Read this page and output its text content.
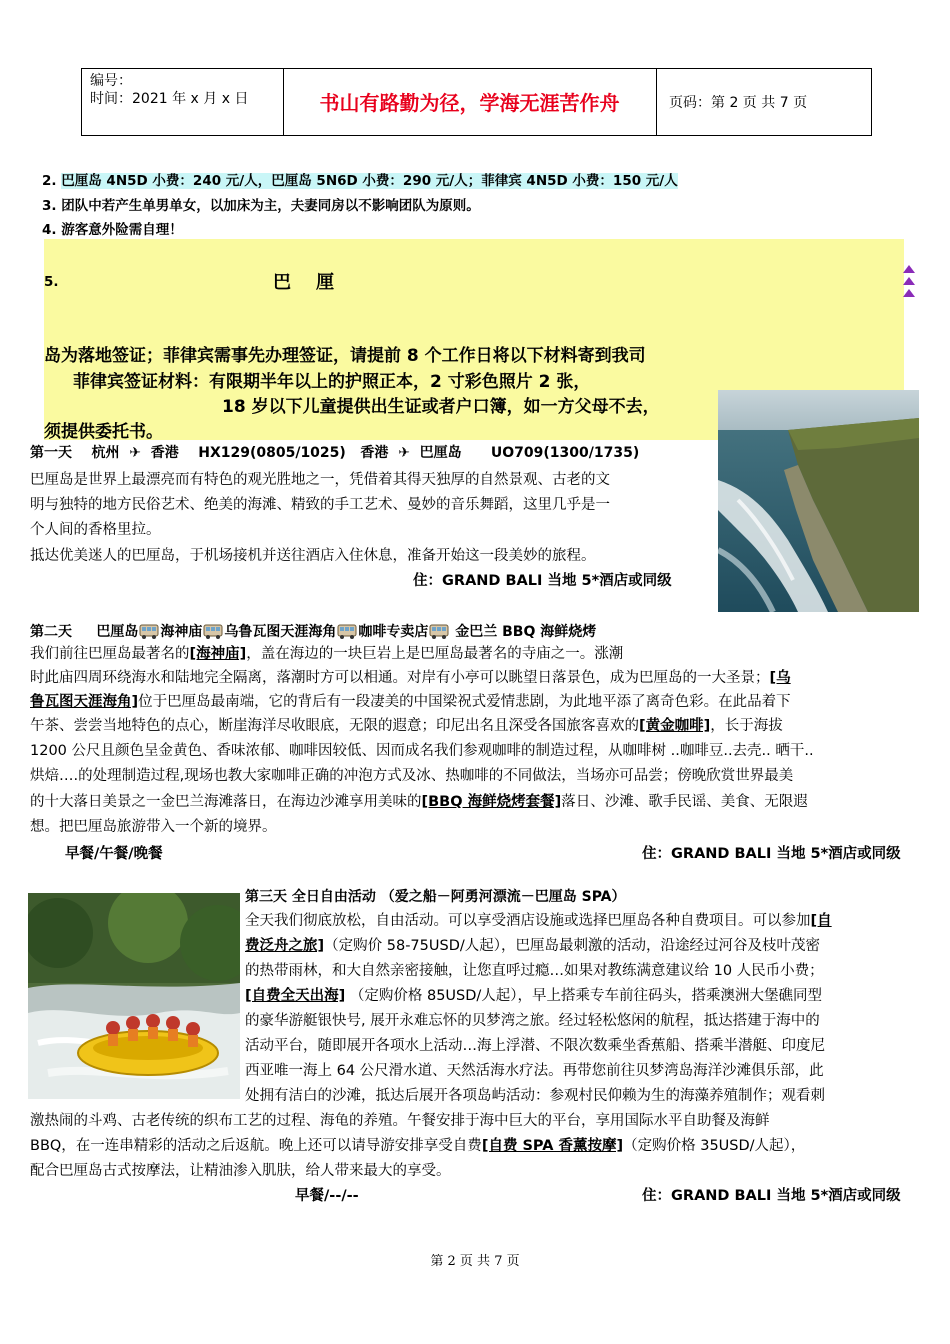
编号：
时间：2021 年 x 月 x 日	书山有路勤为径，学海无涯苦作舟	页码：第 2 页 共 7 页
2. 巴厘岛 4N5D 小费：240 元/人，巴厘岛 5N6D 小费：290 元/人；菲律宾 4N5D 小费：150 元/人
3. 团队中若产生单男单女，以加床为主，夫妻同房以不影响团队为原则。
4. 游客意外险需自理！
5.	巴    厘
岛为落地签证；菲律宾需事先办理签证，请提前 8 个工作日将以下材料寄到我司
菲律宾签证材料：有限期半年以上的护照正本，2 寸彩色照片 2 张，
18 岁以下儿童提供出生证或者户口簿，如一方父母不去，
须提供委托书。
第一天    杭州  ✈  香港    HX129(0805/1025)   香港  ✈  巴厘岛      UO709(1300/1735)
巴厘岛是世界上最漂亮而有特色的观光胜地之一，凭借着其得天独厚的自然景观、古老的文
明与独特的地方民俗艺术、绝美的海滩、精致的手工艺术、曼妙的音乐舞蹈，这里几乎是一
个人间的香格里拉。
抵达优美迷人的巴厘岛，于机场接机并送往酒店入住休息，准备开始这一段美妙的旅程。
住：GRAND BALI 当地 5*酒店或同级
第二天     巴厘岛 海神庙 乌鲁瓦图天涯海角 咖啡专卖店 金巴兰 BBQ 海鲜烧烤
我们前往巴厘岛最著名的[海神庙]，盖在海边的一块巨岩上是巴厘岛最著名的寺庙之一。涨潮
时此庙四周环绕海水和陆地完全隔离，落潮时方可以相通。对岸有小亭可以眺望日落景色，成为巴厘岛的一大圣景；[乌
鲁瓦图天涯海角]位于巴厘岛最南端，它的背后有一段凄美的中国梁祝式爱情悲剧，为此地平添了离奇色彩。在此品着下
午茶、尝尝当地特色的点心，断崖海洋尽收眼底，无限的遐意；印尼出名且深受各国旅客喜欢的[黄金咖啡]，长于海拔
1200 公尺且颜色呈金黄色、香味浓郁、咖啡因较低、因而成名我们参观咖啡的制造过程，从咖啡树 ..咖啡豆..去壳.. 晒干..
烘焙….的处理制造过程,现场也教大家咖啡正确的冲泡方式及冰、热咖啡的不同做法，当场亦可品尝；傍晚欣赏世界最美
的十大落日美景之一金巴兰海滩落日，在海边沙滩享用美味的[BBQ 海鲜烧烤套餐]落日、沙滩、歌手民谣、美食、无限遐
想。把巴厘岛旅游带入一个新的境界。
早餐/午餐/晚餐	住：GRAND BALI 当地 5*酒店或同级
第三天 全日自由活动 （爱之船－阿勇河漂流－巴厘岛 SPA）
全天我们彻底放松，自由活动。可以享受酒店设施或选择巴厘岛各种自费项目。可以参加[自
费泛舟之旅]（定购价 58-75USD/人起），巴厘岛最刺激的活动，沿途经过河谷及枝叶茂密
的热带雨林，和大自然亲密接触，让您直呼过瘾…如果对教练满意建议给 10 人民币小费；
[自费全天出海] （定购价格 85USD/人起），早上搭乘专车前往码头，搭乘澳洲大堡礁同型
的豪华游艇银快号, 展开永难忘怀的贝梦湾之旅。经过轻松悠闲的航程，抵达搭建于海中的
活动平台，随即展开各项水上活动…海上浮潜、不限次数乘坐香蕉船、搭乘半潜艇、印度尼
西亚唯一海上 64 公尺滑水道、天然活海水疗法。再带您前往贝梦湾岛海洋沙滩俱乐部，此
处拥有洁白的沙滩，抵达后展开各项岛屿活动：参观村民仰赖为生的海藻养殖制作；观看刺
激热闹的斗鸡、古老传统的织布工艺的过程、海龟的养殖。午餐安排于海中巨大的平台，享用国际水平自助餐及海鲜
BBQ，在一连串精彩的活动之后返航。晚上还可以请导游安排享受自费[自费 SPA 香薰按摩]（定购价格 35USD/人起），
配合巴厘岛古式按摩法，让精油渗入肌肤，给人带来最大的享受。
早餐/--/--	住：GRAND BALI 当地 5*酒店或同级
第 2 页 共 7 页
